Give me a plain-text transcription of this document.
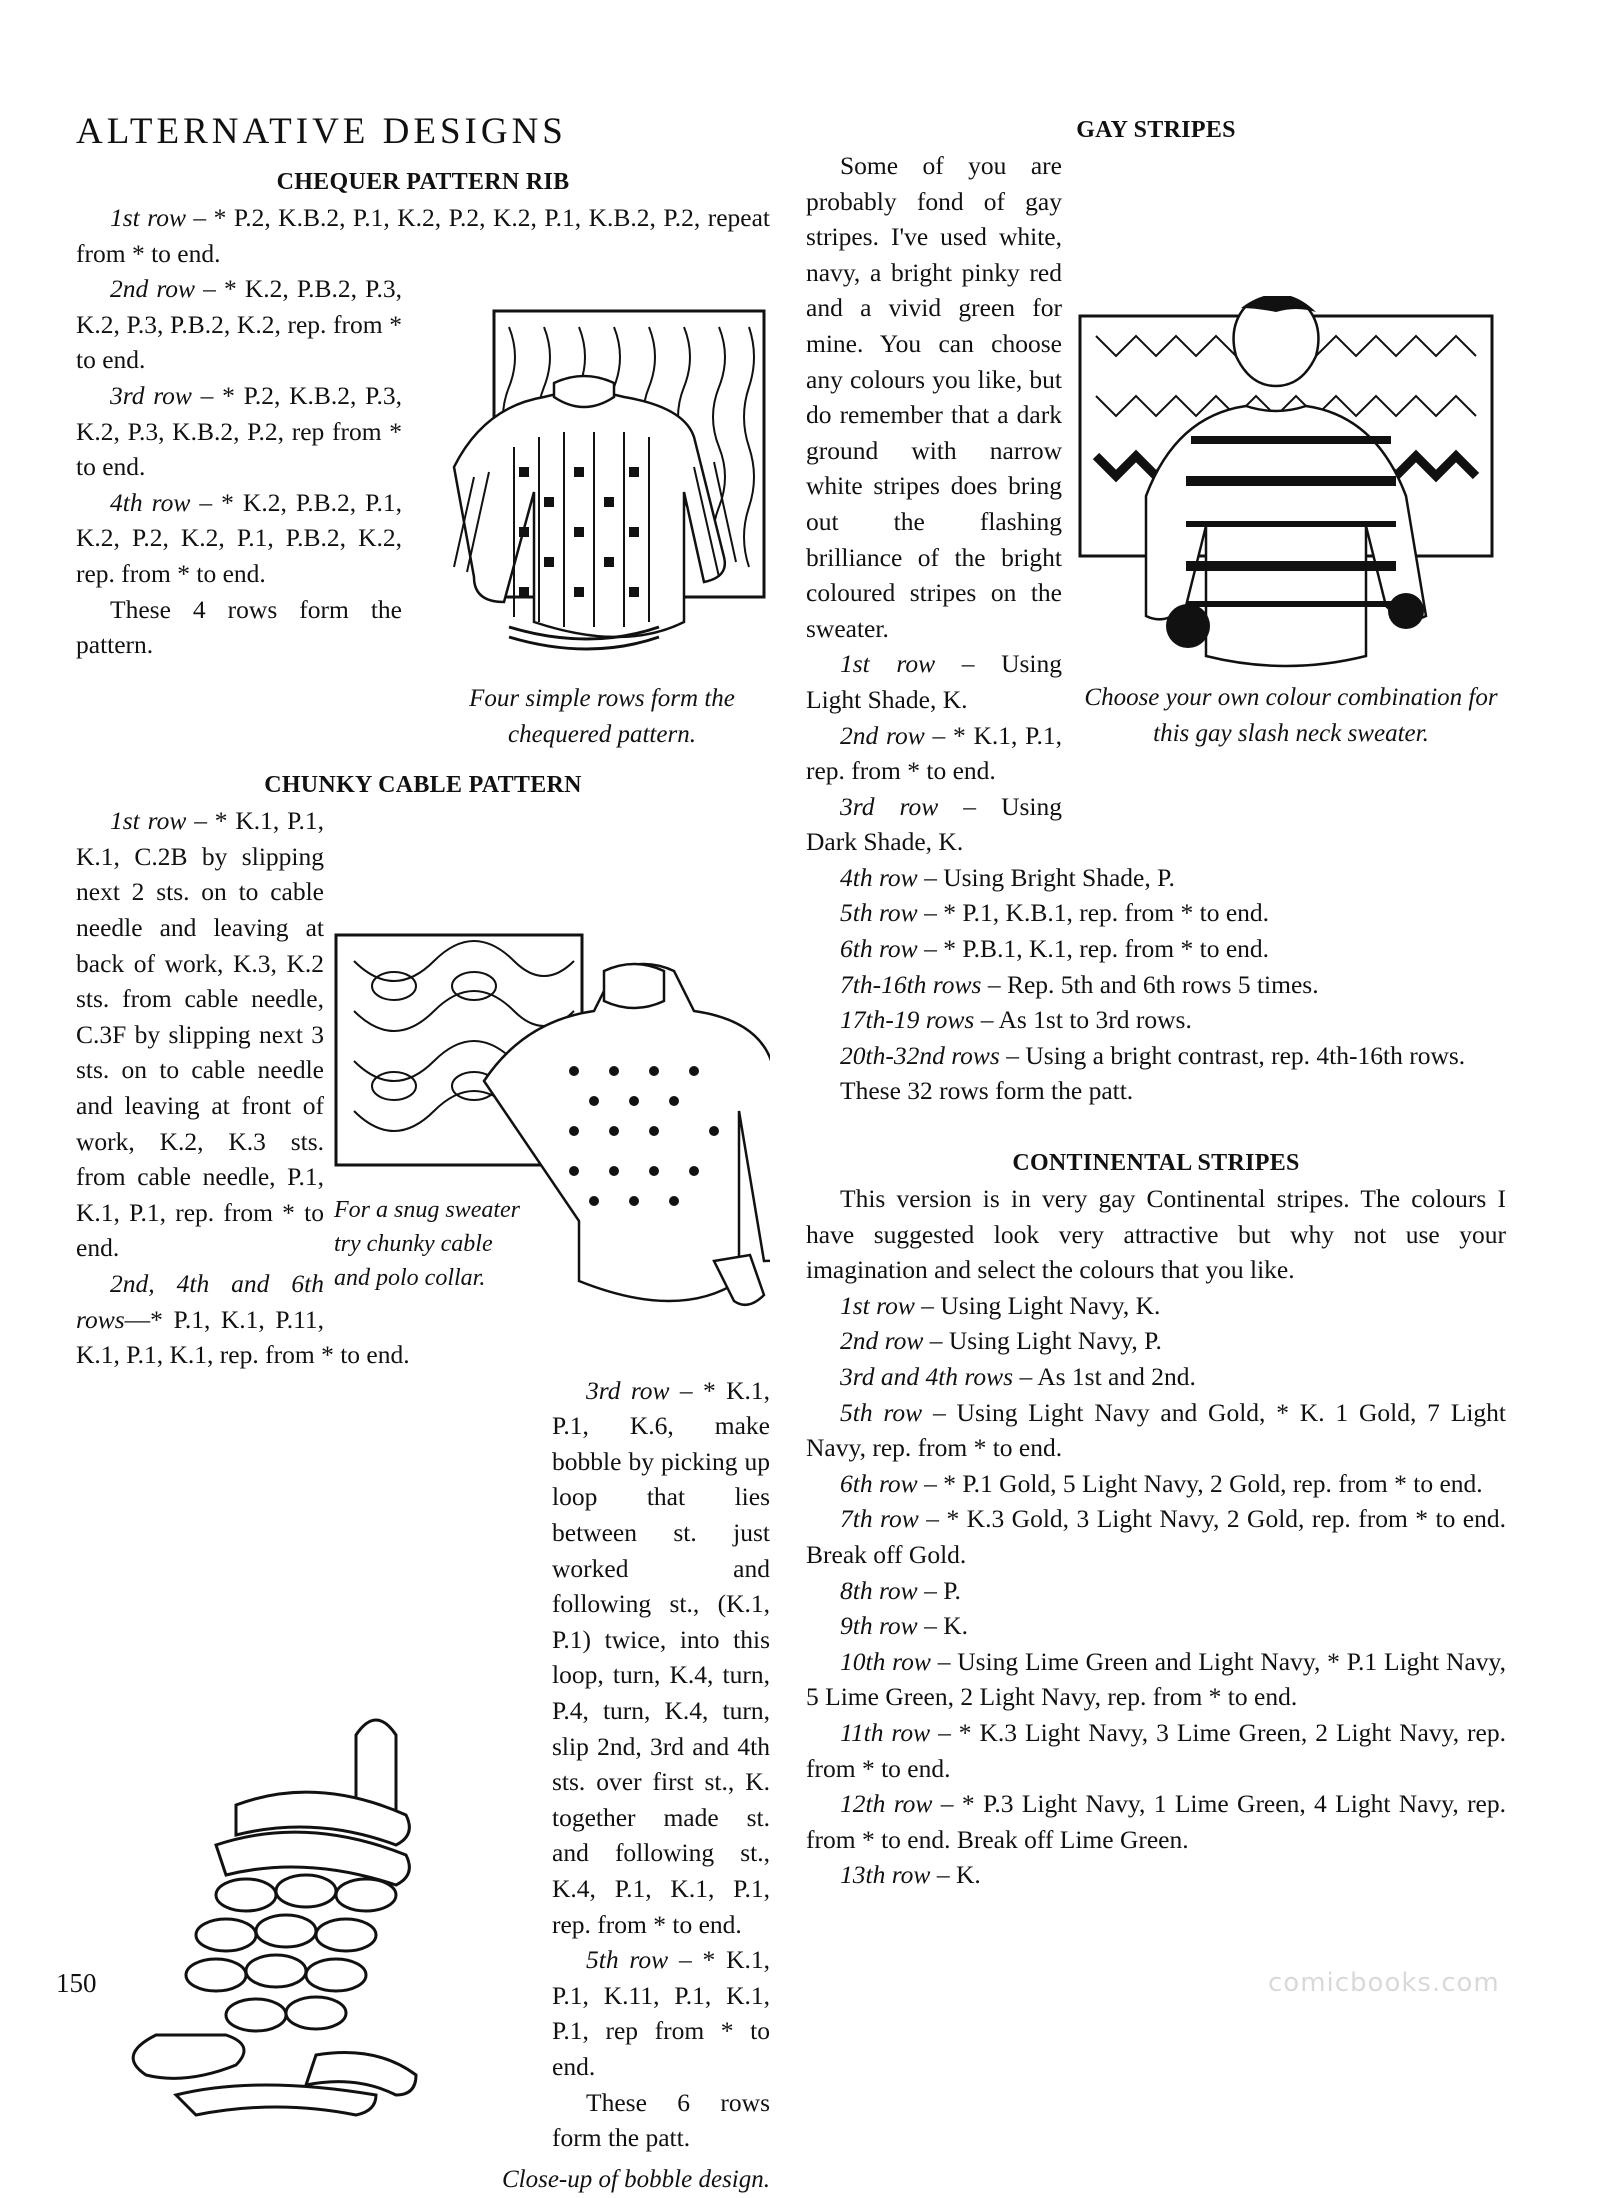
ALTERNATIVE DESIGNS
CHEQUER PATTERN RIB

1st row – * P.2, K.B.2, P.1, K.2, P.2, K.2, P.1, K.B.2, P.2, repeat from * to end.

Four simple rows form the chequered pattern.

2nd row – * K.2, P.B.2, P.3, K.2, P.3, P.B.2, K.2, rep. from * to end.

3rd row – * P.2, K.B.2, P.3, K.2, P.3, K.B.2, P.2, rep from * to end.

4th row – * K.2, P.B.2, P.1, K.2, P.2, K.2, P.1, P.B.2, K.2, rep. from * to end.

These 4 rows form the pattern.

CHUNKY CABLE PATTERN

For a snug sweater try chunky cable and polo collar.

1st row – * K.1, P.1, K.1, C.2B by slipping next 2 sts. on to cable needle and leaving at back of work, K.3, K.2 sts. from cable needle, C.3F by slipping next 3 sts. on to cable needle and leaving at front of work, K.2, K.3 sts. from cable needle, P.1, K.1, P.1, rep. from * to end.

2nd, 4th and 6th rows—* P.1, K.1, P.11, K.1, P.1, K.1, rep. from * to end.

3rd row – * K.1, P.1, K.6, make bobble by picking up loop that lies between st. just worked and following st., (K.1, P.1) twice, into this loop, turn, K.4, turn, P.4, turn, K.4, turn, slip 2nd, 3rd and 4th sts. over first st., K. together made st. and following st., K.4, P.1, K.1, P.1, rep. from * to end.

5th row – * K.1, P.1, K.11, P.1, K.1, P.1, rep from * to end.

These 6 rows form the patt.

Close-up of bobble design.

GAY STRIPES

Choose your own colour combination for this gay slash neck sweater.

Some of you are probably fond of gay stripes. I've used white, navy, a bright pinky red and a vivid green for mine. You can choose any colours you like, but do remember that a dark ground with narrow white stripes does bring out the flashing brilliance of the bright coloured stripes on the sweater.

1st row – Using Light Shade, K.

2nd row – * K.1, P.1, rep. from * to end.

3rd row – Using Dark Shade, K.

4th row – Using Bright Shade, P.

5th row – * P.1, K.B.1, rep. from * to end.

6th row – * P.B.1, K.1, rep. from * to end.

7th-16th rows – Rep. 5th and 6th rows 5 times.

17th-19 rows – As 1st to 3rd rows.

20th-32nd rows – Using a bright contrast, rep. 4th-16th rows.

These 32 rows form the patt.

CONTINENTAL STRIPES

This version is in very gay Continental stripes. The colours I have suggested look very attractive but why not use your imagination and select the colours that you like.

1st row – Using Light Navy, K.

2nd row – Using Light Navy, P.

3rd and 4th rows – As 1st and 2nd.

5th row – Using Light Navy and Gold, * K. 1 Gold, 7 Light Navy, rep. from * to end.

6th row – * P.1 Gold, 5 Light Navy, 2 Gold, rep. from * to end.

7th row – * K.3 Gold, 3 Light Navy, 2 Gold, rep. from * to end. Break off Gold.

8th row – P.

9th row – K.

10th row – Using Lime Green and Light Navy, * P.1 Light Navy, 5 Lime Green, 2 Light Navy, rep. from * to end.

11th row – * K.3 Light Navy, 3 Lime Green, 2 Light Navy, rep. from * to end.

12th row – * P.3 Light Navy, 1 Lime Green, 4 Light Navy, rep. from * to end. Break off Lime Green.

13th row – K.

150	comicbooks.com
